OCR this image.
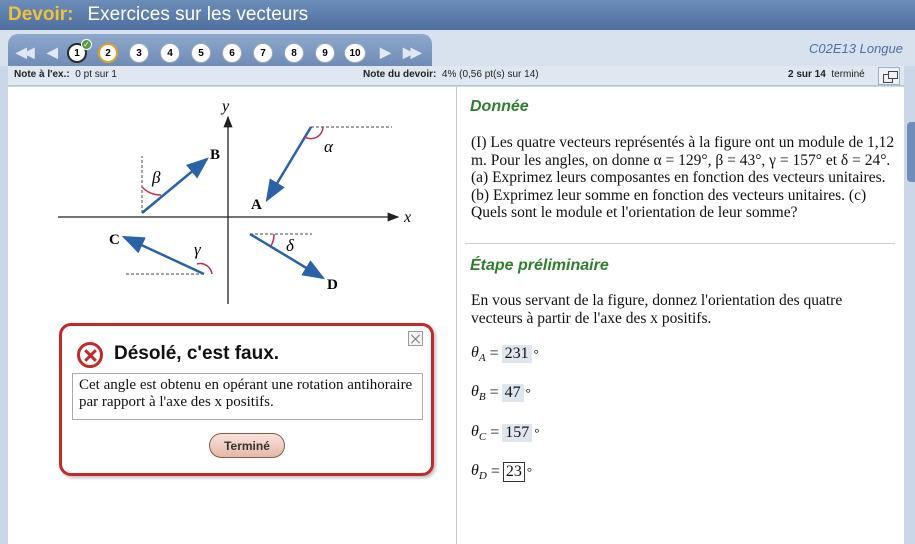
Devoir: Exercices sur les vecteurs
◀◀ ◀	1
✓
2	3	4	5	6	7	8	9	10	▶ ▶▶	C02E13 Longue
Note à l'ex.: 0 pt sur 1	Note du devoir: 4% (0,56 pt(s) sur 14)	2 sur 14 terminé
x
y
α
A
β
B
γ
C	δ
D
Donnée
(I) Les quatre vecteurs représentés à la figure ont un module de 1,12 m. Pour les angles, on donne α = 129°, β = 43°, γ = 157° et δ = 24°. (a) Exprimez leurs composantes en fonction des vecteurs unitaires. (b) Exprimez leur somme en fonction des vecteurs unitaires. (c) Quels sont le module et l'orientation de leur somme?
Étape préliminaire
En vous servant de la figure, donnez l'orientation des quatre vecteurs à partir de l'axe des x positifs.
$\theta_A = 231$ °
$\theta_B = 47$ °
$\theta_C = 157$ °
$\theta_D = 23$ °
Désolé, c'est faux.
Cet angle est obtenu en opérant une rotation antihoraire par rapport à l'axe des x positifs.
Terminé
